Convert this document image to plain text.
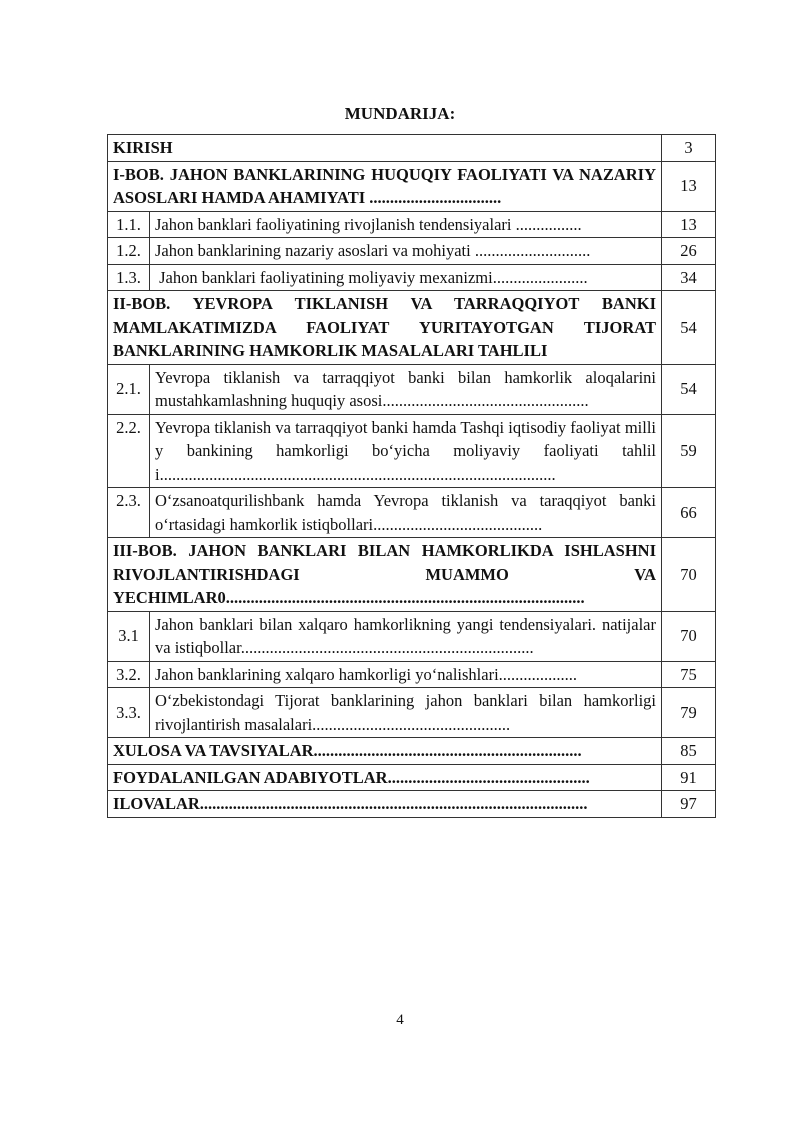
MUNDARIJA:
KIRISH		3
I-BOB. JAHON BANKLARINING HUQUQIY FAOLIYATI VA NAZARIY ASOSLARI HAMDA AHAMIYATI ................................		13
1.1.	Jahon banklari faoliyatining rivojlanish tendensiyalari ................	13
1.2.	Jahon banklarining nazariy asoslari va mohiyati ............................	26
1.3.	Jahon banklari faoliyatining moliyaviy mexanizmi.......................	34
II-BOB. YEVROPA TIKLANISH VA TARRAQQIYOT BANKI MAMLAKATIMIZDA FAOLIYAT YURITAYOTGAN TIJORAT BANKLARINING HAMKORLIK MASALALARI TAHLILI		54
2.1.	Yevropa tiklanish va tarraqqiyot banki bilan hamkorlik aloqalarini mustahkamlashning huquqiy asosi..................................................	54
2.2.	Yevropa tiklanish va tarraqqiyot banki hamda Tashqi iqtisodiy faoliyat milliy bankining hamkorligi bo‘yicha moliyaviy faoliyati tahlili...............................................................................................​.	59
2.3.	O‘zsanoatqurilishbank hamda Yevropa tiklanish va taraqqiyot banki o‘rtasidagi hamkorlik istiqbollari.........................................	66
III-BOB. JAHON BANKLARI BILAN HAMKORLIKDA ISHLASHNI RIVOJLANTIRISHDAGI MUAMMO VA YECHIMLAR0.......................................................................................		70
3.1	Jahon banklari bilan xalqaro hamkorlikning yangi tendensiyalari. natijalar va istiqbollar.......................................................................	70
3.2.	Jahon banklarining xalqaro hamkorligi yo‘nalishlari...................	75
3.3.	O‘zbekistondagi Tijorat banklarining jahon banklari bilan hamkorligi rivojlantirish masalalari................................................	79
XULOSA VA TAVSIYALAR.................................................................		85
FOYDALANILGAN ADABIYOTLAR.................................................		91
ILOVALAR..............................................................................................		97
4
